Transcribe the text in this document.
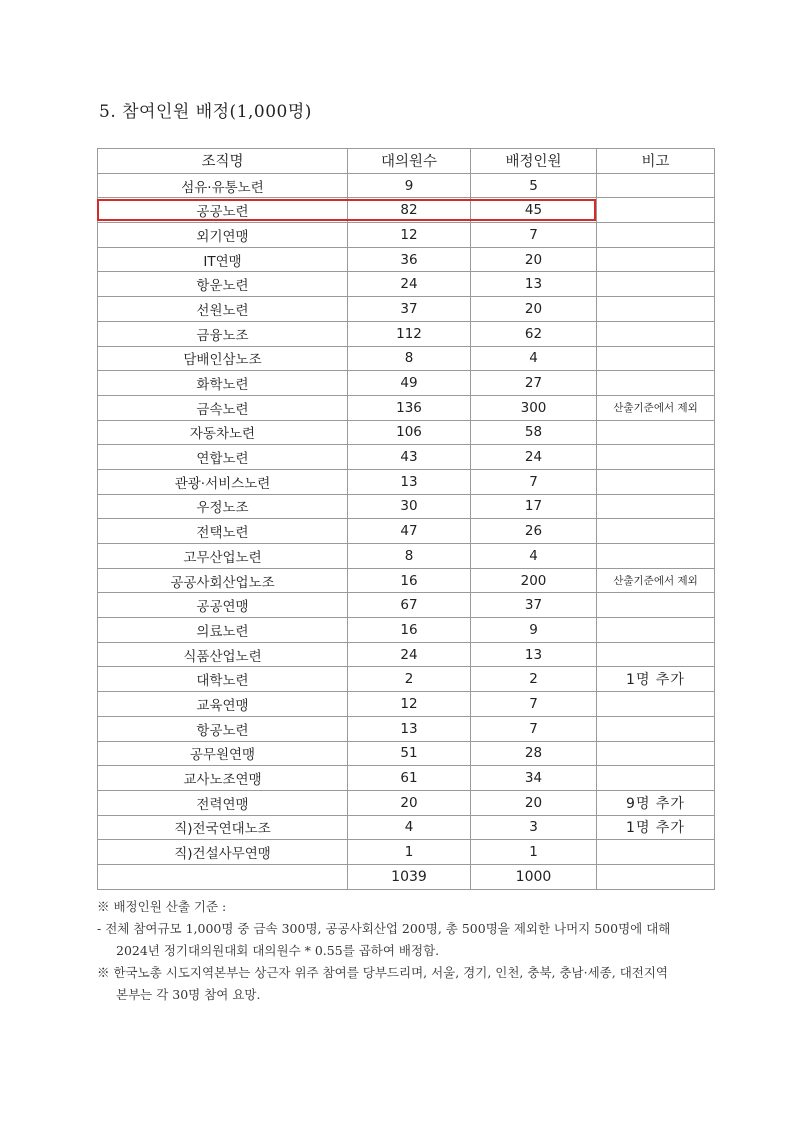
5. 참여인원 배정(1,000명)
조직명	대의원수	배정인원	비고
섬유·유통노련	9	5	
공공노련	82	45	
외기연맹	12	7	
IT연맹	36	20	
항운노련	24	13	
선원노련	37	20	
금융노조	112	62	
담배인삼노조	8	4	
화학노련	49	27	
금속노련	136	300	산출기준에서 제외
자동차노련	106	58	
연합노련	43	24	
관광·서비스노련	13	7	
우정노조	30	17	
전택노련	47	26	
고무산업노련	8	4	
공공사회산업노조	16	200	산출기준에서 제외
공공연맹	67	37	
의료노련	16	9	
식품산업노련	24	13	
대학노련	2	2	1명 추가
교육연맹	12	7	
항공노련	13	7	
공무원연맹	51	28	
교사노조연맹	61	34	
전력연맹	20	20	9명 추가
직)전국연대노조	4	3	1명 추가
직)건설사무연맹	1	1	
	1039	1000	

※ 배정인원 산출 기준 :

- 전체 참여규모 1,000명 중 금속 300명, 공공사회산업 200명, 총 500명을 제외한 나머지 500명에 대해

2024년 정기대의원대회 대의원수 * 0.55를 곱하여 배정함.

※ 한국노총 시도지역본부는 상근자 위주 참여를 당부드리며, 서울, 경기, 인천, 충북, 충남·세종, 대전지역

본부는 각 30명 참여 요망.
